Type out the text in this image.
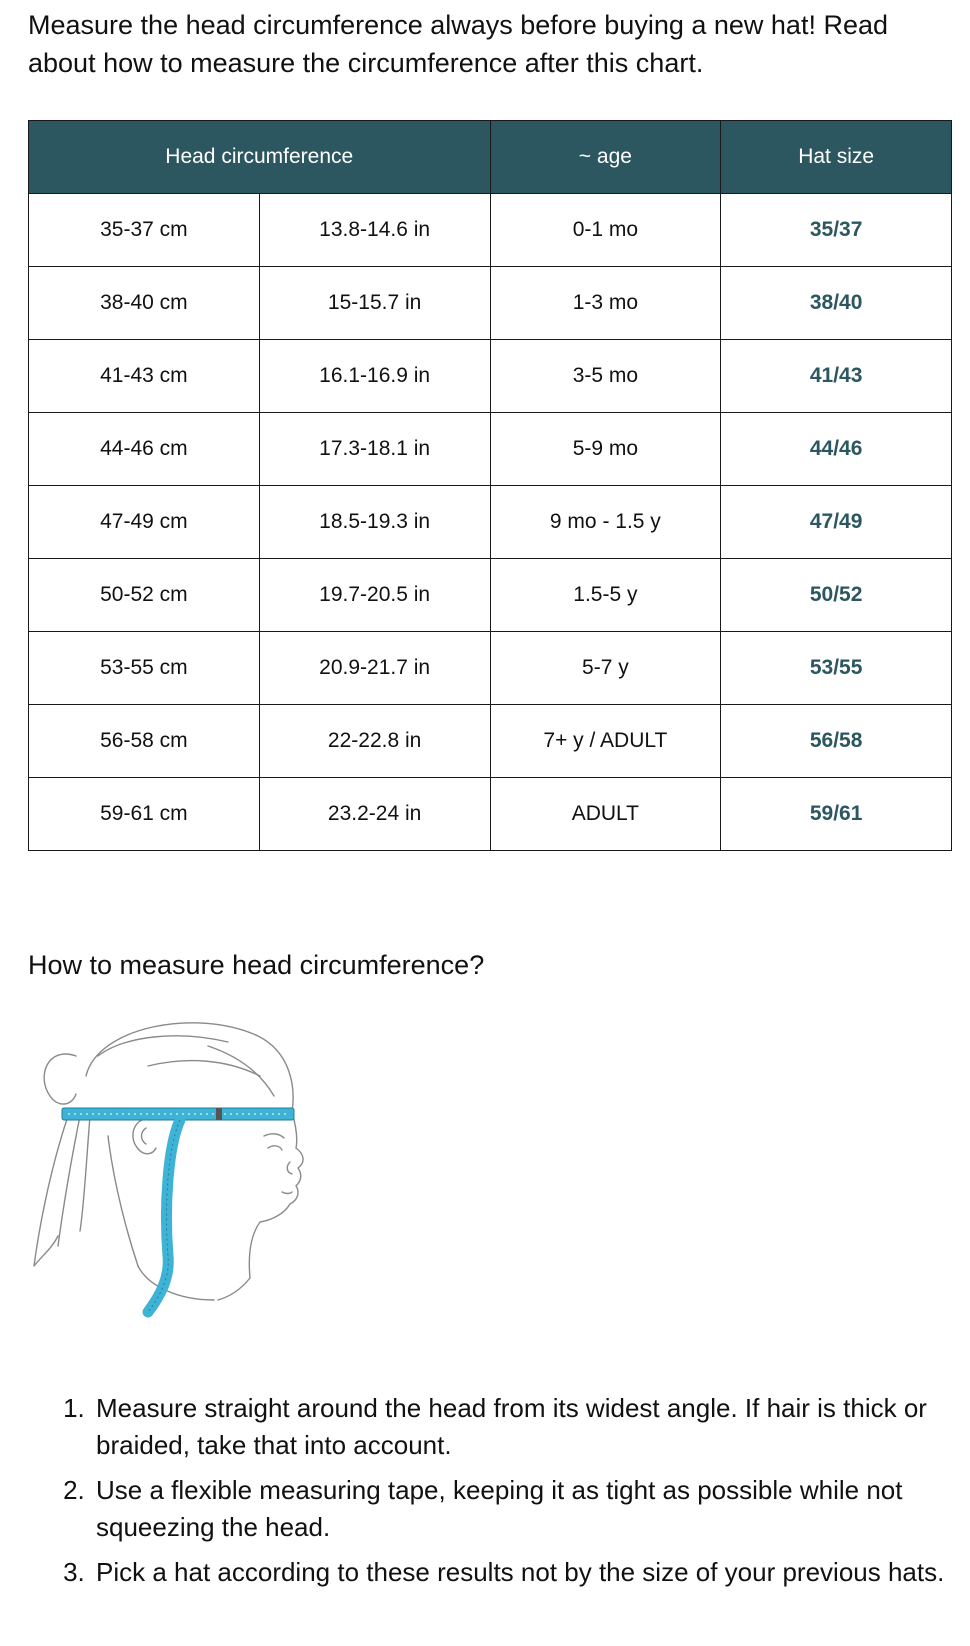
Measure the head circumference always before buying a new hat! Read about how to measure the circumference after this chart.

Head circumference		~ age	Hat size
35-37 cm	13.8-14.6 in	0-1 mo	35/37
38-40 cm	15-15.7 in	1-3 mo	38/40
41-43 cm	16.1-16.9 in	3-5 mo	41/43
44-46 cm	17.3-18.1 in	5-9 mo	44/46
47-49 cm	18.5-19.3 in	9 mo - 1.5 y	47/49
50-52 cm	19.7-20.5 in	1.5-5 y	50/52
53-55 cm	20.9-21.7 in	5-7 y	53/55
56-58 cm	22-22.8 in	7+ y / ADULT	56/58
59-61 cm	23.2-24 in	ADULT	59/61
How to measure head circumference?
1. Measure straight around the head from its widest angle. If hair is thick or braided, take that into account.
2. Use a flexible measuring tape, keeping it as tight as possible while not squeezing the head.
3. Pick a hat according to these results not by the size of your previous hats.
